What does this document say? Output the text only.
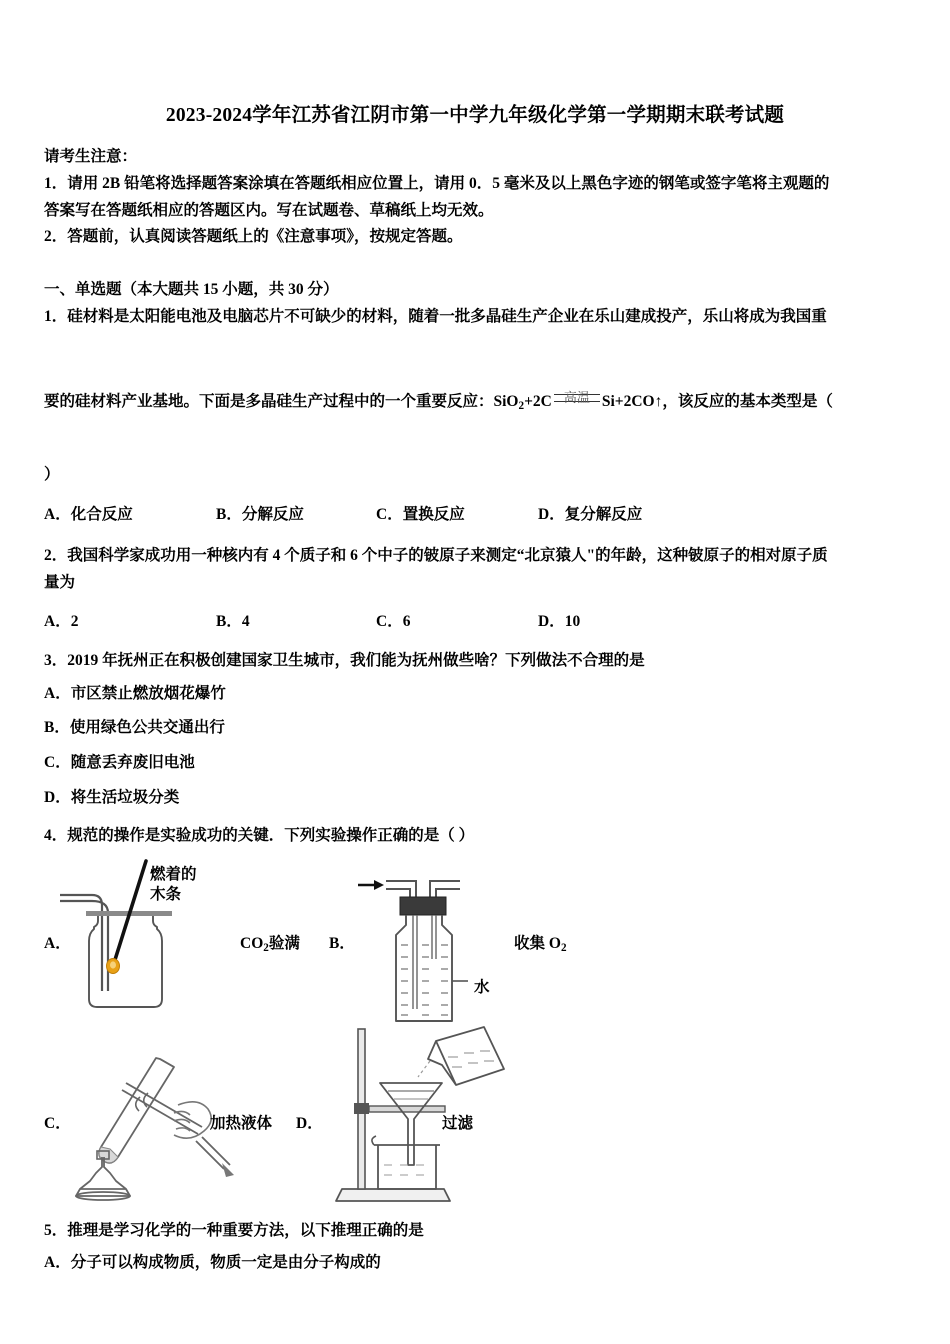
2023-2024学年江苏省江阴市第一中学九年级化学第一学期期末联考试题
请考生注意：
1．请用 2B 铅笔将选择题答案涂填在答题纸相应位置上，请用 0．5 毫米及以上黑色字迹的钢笔或签字笔将主观题的
答案写在答题纸相应的答题区内。写在试题卷、草稿纸上均无效。
2．答题前，认真阅读答题纸上的《注意事项》，按规定答题。
一、单选题（本大题共 15 小题，共 30 分）
1．硅材料是太阳能电池及电脑芯片不可缺少的材料，随着一批多晶硅生产企业在乐山建成投产，乐山将成为我国重
要的硅材料产业基地。下面是多晶硅生产过程中的一个重要反应：SiO$_2$+2C 高温 Si+2CO↑，该反应的基本类型是（
）
A．化合反应	B．分解反应	C．置换反应	D．复分解反应
2．我国科学家成功用一种核内有 4 个质子和 6 个中子的铍原子来测定“北京猿人"的年龄，这种铍原子的相对原子质
量为
A．2	B．4	C．6	D．10
3．2019 年抚州正在积极创建国家卫生城市，我们能为抚州做些啥？下列做法不合理的是
A．市区禁止燃放烟花爆竹
B．使用绿色公共交通出行
C．随意丢弃废旧电池
D．将生活垃圾分类
4．规范的操作是实验成功的关键．下列实验操作正确的是（ ）
A．
燃着的
木条
$CO_2$验满 B．
水
收集 $O_2$
C．	加热液体 D．	过滤
5．推理是学习化学的一种重要方法，以下推理正确的是
A．分子可以构成物质，物质一定是由分子构成的
